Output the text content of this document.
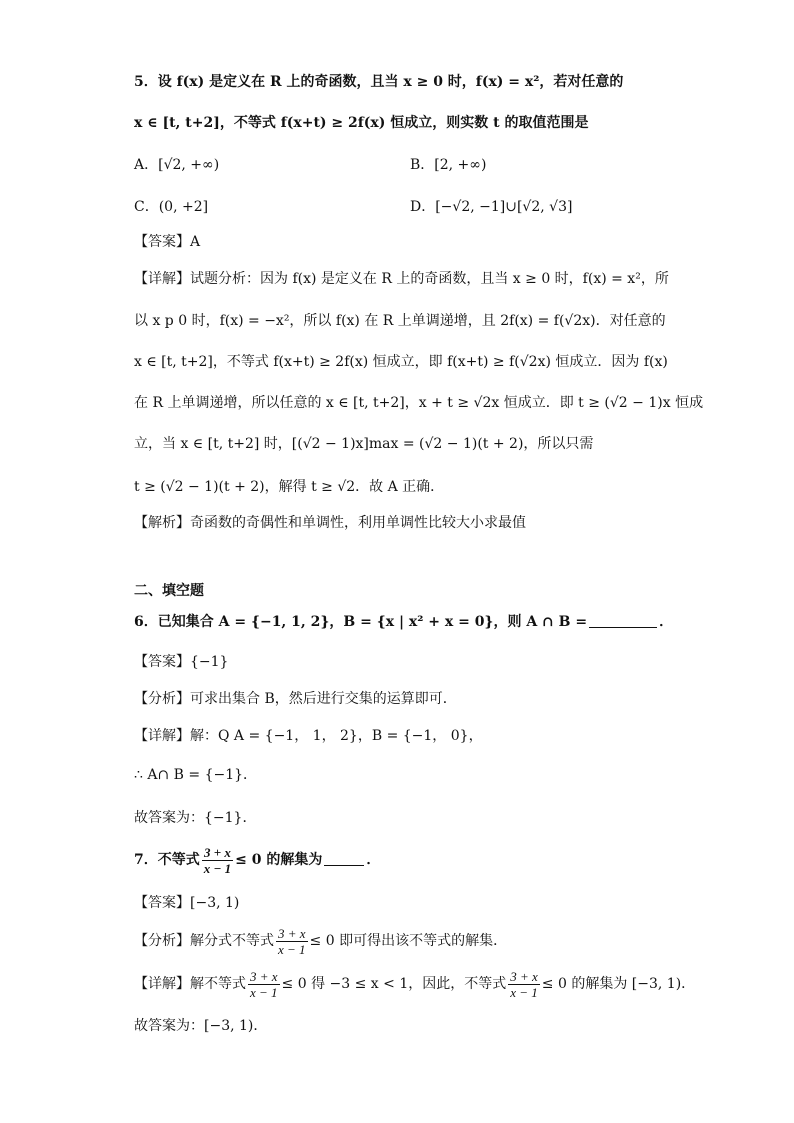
5．设 f(x) 是定义在 R 上的奇函数，且当 x ≥ 0 时，f(x) = x²，若对任意的
x ∈ [t, t+2]，不等式 f(x+t) ≥ 2f(x) 恒成立，则实数 t 的取值范围是
A．[√2, +∞)	B．[2, +∞)
C．(0, +2]	D．[−√2, −1]∪[√2, √3]
【答案】A
【详解】试题分析：因为 f(x) 是定义在 R 上的奇函数，且当 x ≥ 0 时，f(x) = x²，所
以 x p 0 时，f(x) = −x²，所以 f(x) 在 R 上单调递增，且 2f(x) = f(√2x)．对任意的
x ∈ [t, t+2]，不等式 f(x+t) ≥ 2f(x) 恒成立，即 f(x+t) ≥ f(√2x) 恒成立．因为 f(x)
在 R 上单调递增，所以任意的 x ∈ [t, t+2]，x + t ≥ √2x 恒成立．即 t ≥ (√2 − 1)x 恒成
立，当 x ∈ [t, t+2] 时，[(√2 − 1)x]max = (√2 − 1)(t + 2)，所以只需
t ≥ (√2 − 1)(t + 2)，解得 t ≥ √2．故 A 正确．
【解析】奇函数的奇偶性和单调性，利用单调性比较大小求最值
二、填空题
6．已知集合 A = {−1, 1, 2}，B = {x | x² + x = 0}，则 A ∩ B =	．
【答案】{−1}
【分析】可求出集合 B，然后进行交集的运算即可．
【详解】解：Q A = {−1， 1， 2}，B = {−1， 0}，
∴ A∩ B = {−1}．
故答案为：{−1}．
7．不等式 $\frac{3 + x}{x - 1} \le 0$ 的解集为	．
【答案】[−3, 1)
【分析】解分式不等式 $\frac{3 + x}{x - 1} \le 0$ 即可得出该不等式的解集．
【详解】解不等式 $\frac{3 + x}{x - 1} \le 0$ 得 −3 ≤ x < 1，因此，不等式 $\frac{3 + x}{x - 1} \le 0$ 的解集为 [−3, 1)．
故答案为：[−3, 1)．
